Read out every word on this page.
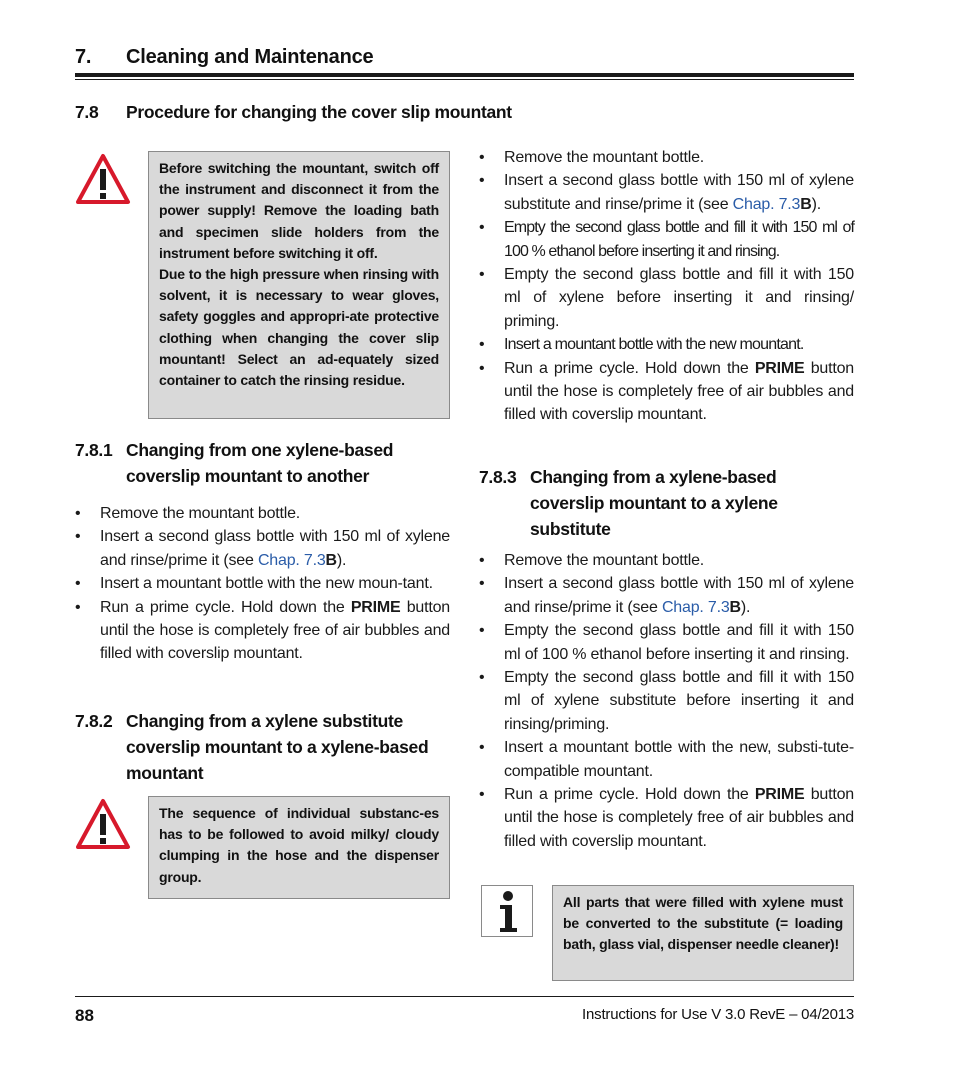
7. Cleaning and Maintenance
7.8 Procedure for changing the cover slip mountant

Before switching the mountant, switch off the instrument and disconnect it from the power supply! Remove the loading bath and specimen slide holders from the instrument before switching it off.

Due to the high pressure when rinsing with solvent, it is necessary to wear gloves, safety goggles and appropri-ate protective clothing when changing the cover slip mountant! Select an ad-equately sized container to catch the rinsing residue.

7.8.1 Changing from one xylene-based
coverslip mountant to another
• Remove the mountant bottle.
• Insert a second glass bottle with 150 ml of xylene and rinse/prime it (see Chap. 7.3B).
• Insert a mountant bottle with the new moun-tant.
• Run a prime cycle. Hold down the PRIME button until the hose is completely free of air bubbles and filled with coverslip mountant.
7.8.2 Changing from a xylene substitute
coverslip mountant to a xylene-based
mountant

The sequence of individual substanc-es has to be followed to avoid milky/ cloudy clumping in the hose and the dispenser group.

• Remove the mountant bottle.
• Insert a second glass bottle with 150 ml of xylene substitute and rinse/prime it (see Chap. 7.3B).
• Empty the second glass bottle and fill it with 150 ml of 100 % ethanol before inserting it and rinsing.
• Empty the second glass bottle and fill it with 150 ml of xylene before inserting it and rinsing/ priming.
• Insert a mountant bottle with the new mountant.
• Run a prime cycle. Hold down the PRIME button until the hose is completely free of air bubbles and filled with coverslip mountant.
7.8.3 Changing from a xylene-based
coverslip mountant to a xylene
substitute
• Remove the mountant bottle.
• Insert a second glass bottle with 150 ml of xylene and rinse/prime it (see Chap. 7.3B).
• Empty the second glass bottle and fill it with 150 ml of 100 % ethanol before inserting it and rinsing.
• Empty the second glass bottle and fill it with 150 ml of xylene substitute before inserting it and rinsing/priming.
• Insert a mountant bottle with the new, substi-tute-compatible mountant.
• Run a prime cycle. Hold down the PRIME button until the hose is completely free of air bubbles and filled with coverslip mountant.

All parts that were filled with xylene must be converted to the substitute (= loading bath, glass vial, dispenser needle cleaner)!

88	Instructions for Use V 3.0 RevE – 04/2013
